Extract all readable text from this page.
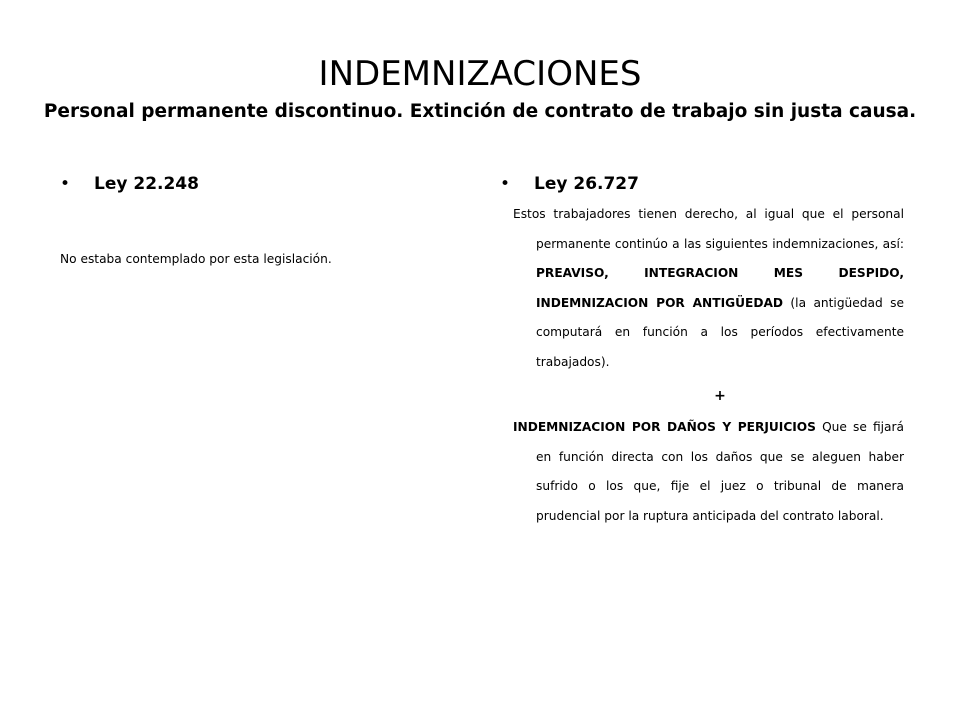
INDEMNIZACIONES
Personal permanente discontinuo. Extinción de contrato de trabajo sin justa causa.
• Ley 22.248
No estaba contemplado por esta legislación.
• Ley 26.727

Estos trabajadores tienen derecho, al igual que el personal permanente continúo a las siguientes indemnizaciones, así: PREAVISO, INTEGRACION MES DESPIDO, INDEMNIZACION POR ANTIGÜEDAD (la antigüedad se computará en función a los períodos efectivamente trabajados).

+

INDEMNIZACION POR DAÑOS Y PERJUICIOS Que se fijará en función directa con los daños que se aleguen haber sufrido o los que, fije el juez o tribunal de manera prudencial por la ruptura anticipada del contrato laboral.
